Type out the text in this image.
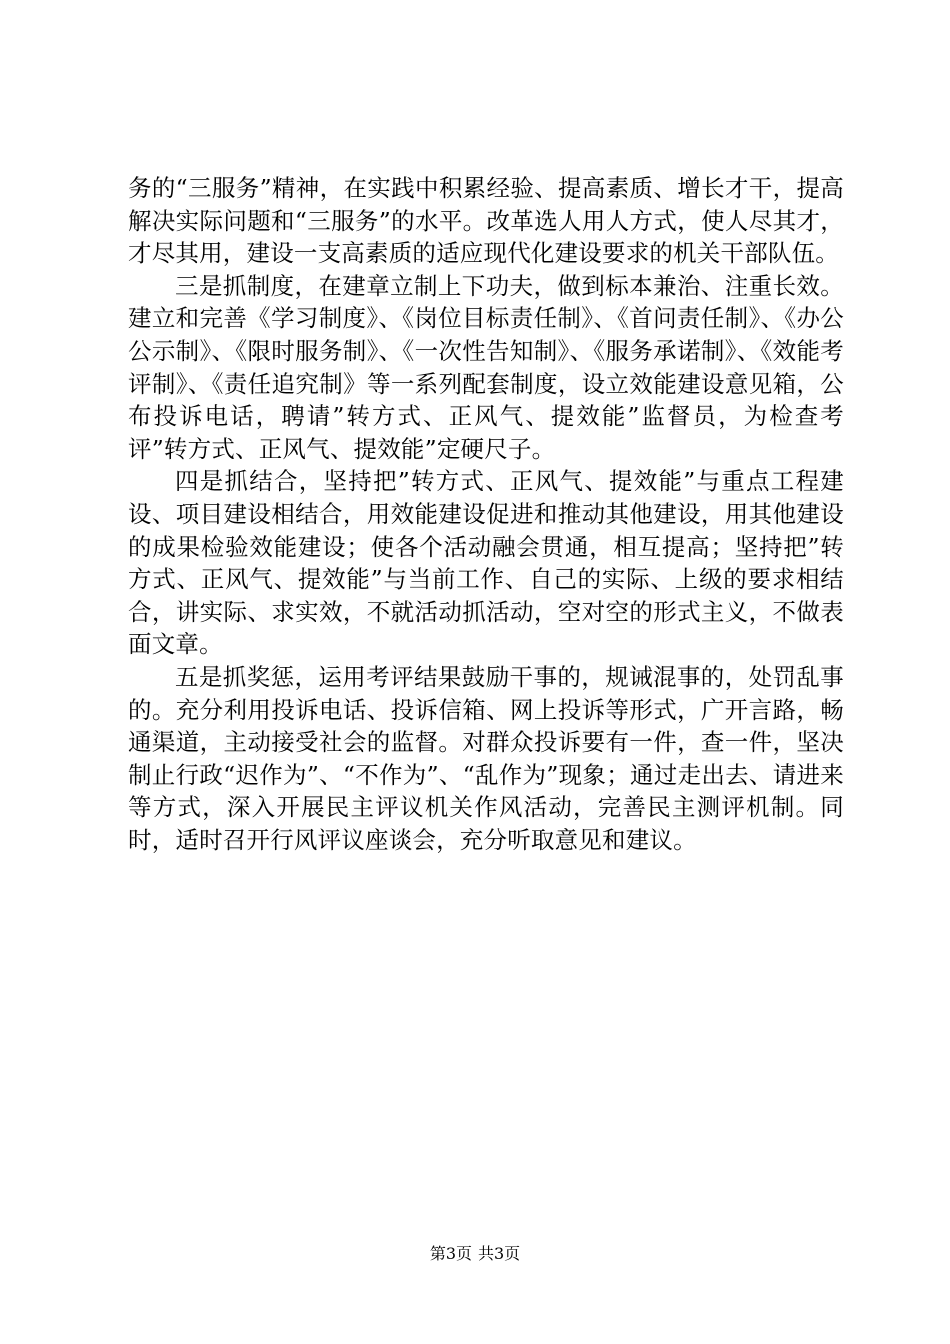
务的“三服务”精神，在实践中积累经验、提高素质、增长才干，提高解决实际问题和“三服务”的水平。改革选人用人方式，使人尽其才，才尽其用，建设一支高素质的适应现代化建设要求的机关干部队伍。

三是抓制度，在建章立制上下功夫，做到标本兼治、注重长效。建立和完善《学习制度》、《岗位目标责任制》、《首问责任制》、《办公公示制》、《限时服务制》、《一次性告知制》、《服务承诺制》、《效能考评制》、《责任追究制》等一系列配套制度，设立效能建设意见箱，公布投诉电话，聘请”转方式、正风气、提效能”监督员，为检查考评”转方式、正风气、提效能”定硬尺子。

四是抓结合，坚持把”转方式、正风气、提效能”与重点工程建设、项目建设相结合，用效能建设促进和推动其他建设，用其他建设的成果检验效能建设；使各个活动融会贯通，相互提高；坚持把”转方式、正风气、提效能”与当前工作、自己的实际、上级的要求相结合，讲实际、求实效，不就活动抓活动，空对空的形式主义，不做表面文章。

五是抓奖惩，运用考评结果鼓励干事的，规诫混事的，处罚乱事的。充分利用投诉电话、投诉信箱、网上投诉等形式，广开言路，畅通渠道，主动接受社会的监督。对群众投诉要有一件，查一件，坚决制止行政“迟作为”、“不作为”、“乱作为”现象；通过走出去、请进来等方式，深入开展民主评议机关作风活动，完善民主测评机制。同时，适时召开行风评议座谈会，充分听取意见和建议。

第3页 共3页
